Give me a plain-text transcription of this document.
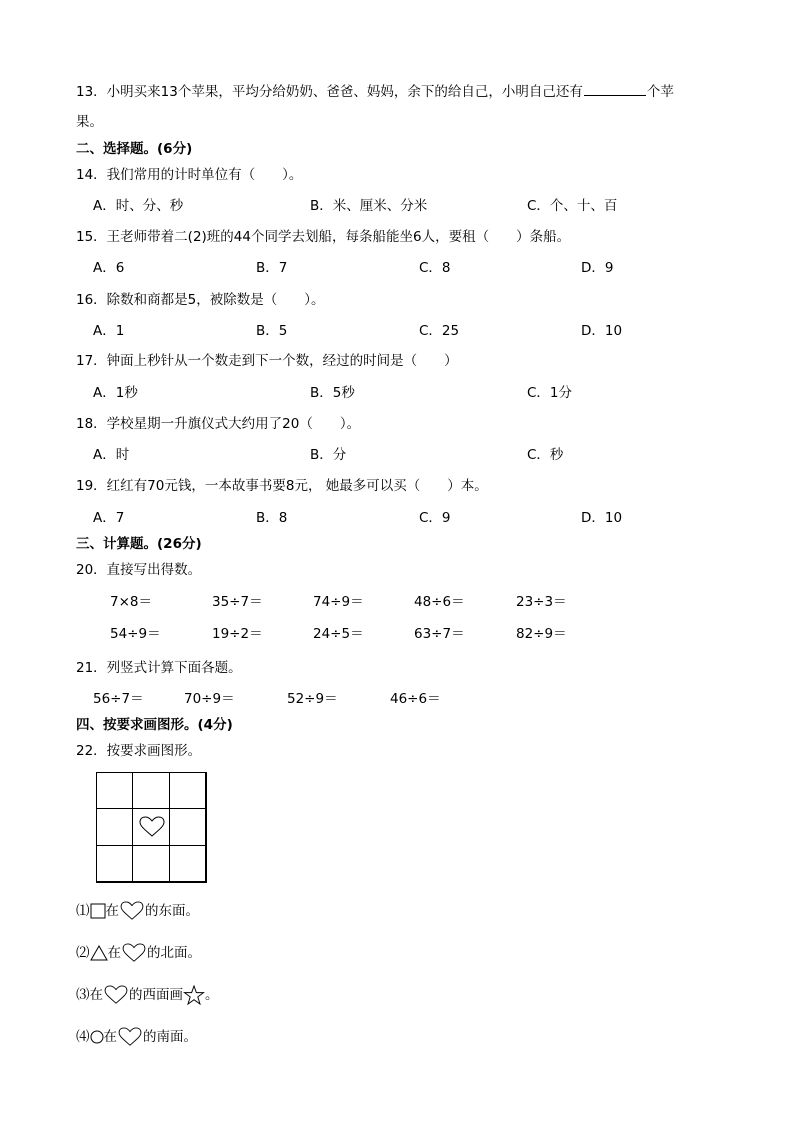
13．小明买来13个苹果，平均分给奶奶、爸爸、妈妈，余下的给自己，小明自己还有	个苹
果。
二、选择题。(6分)
14．我们常用的计时单位有（　　）。
A．时、分、秒	B．米、厘米、分米	C．个、十、百
15．王老师带着二(2)班的44个同学去划船，每条船能坐6人，要租（　　）条船。
A．6	B．7	C．8	D．9
16．除数和商都是5，被除数是（　　）。
A．1	B．5	C．25	D．10
17．钟面上秒针从一个数走到下一个数，经过的时间是（　　）
A．1秒	B．5秒	C．1分
18．学校星期一升旗仪式大约用了20（　　）。
A．时	B．分	C．秒
19．红红有70元钱，一本故事书要8元， 她最多可以买（　　）本。
A．7	B．8	C．9	D．10
三、计算题。(26分)
20．直接写出得数。
7×8＝	35÷7＝	74÷9＝	48÷6＝	23÷3＝
54÷9＝	19÷2＝	24÷5＝	63÷7＝	82÷9＝
21．列竖式计算下面各题。
56÷7＝	70÷9＝	52÷9＝	46÷6＝
四、按要求画图形。(4分)
22．按要求画图形。
⑴ 在 的东面。
⑵ 在 的北面。
⑶在 的西面画 。
⑷ 在 的南面。
